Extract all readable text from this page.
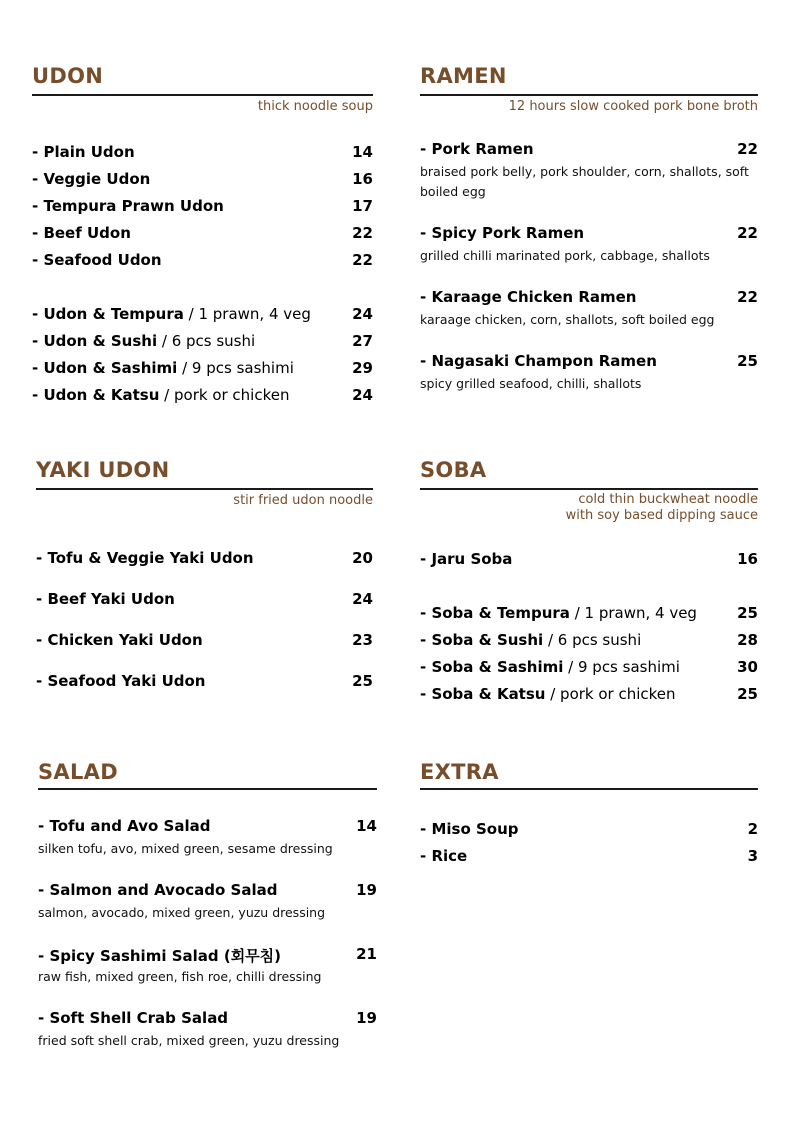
UDON
thick noodle soup
- Plain Udon	14
- Veggie Udon	16
- Tempura Prawn Udon	17
- Beef Udon	22
- Seafood Udon	22
- Udon & Tempura / 1 prawn, 4 veg	24
- Udon & Sushi / 6 pcs sushi	27
- Udon & Sashimi / 9 pcs sashimi	29
- Udon & Katsu / pork or chicken	24
RAMEN
12 hours slow cooked pork bone broth
- Pork Ramen	22
braised pork belly, pork shoulder, corn, shallots, soft boiled egg
- Spicy Pork Ramen	22
grilled chilli marinated pork, cabbage, shallots
- Karaage Chicken Ramen	22
karaage chicken, corn, shallots, soft boiled egg
- Nagasaki Champon Ramen	25
spicy grilled seafood, chilli, shallots
YAKI UDON
stir fried udon noodle
- Tofu & Veggie Yaki Udon	20
- Beef Yaki Udon	24
- Chicken Yaki Udon	23
- Seafood Yaki Udon	25
SOBA
cold thin buckwheat noodle
with soy based dipping sauce
- Jaru Soba	16
- Soba & Tempura / 1 prawn, 4 veg	25
- Soba & Sushi / 6 pcs sushi	28
- Soba & Sashimi / 9 pcs sashimi	30
- Soba & Katsu / pork or chicken	25
SALAD
- Tofu and Avo Salad	14
silken tofu, avo, mixed green, sesame dressing
- Salmon and Avocado Salad	19
salmon, avocado, mixed green, yuzu dressing
- Spicy Sashimi Salad (회무침)	21
raw fish, mixed green, fish roe, chilli dressing
- Soft Shell Crab Salad	19
fried soft shell crab, mixed green, yuzu dressing
EXTRA
- Miso Soup	2
- Rice	3
